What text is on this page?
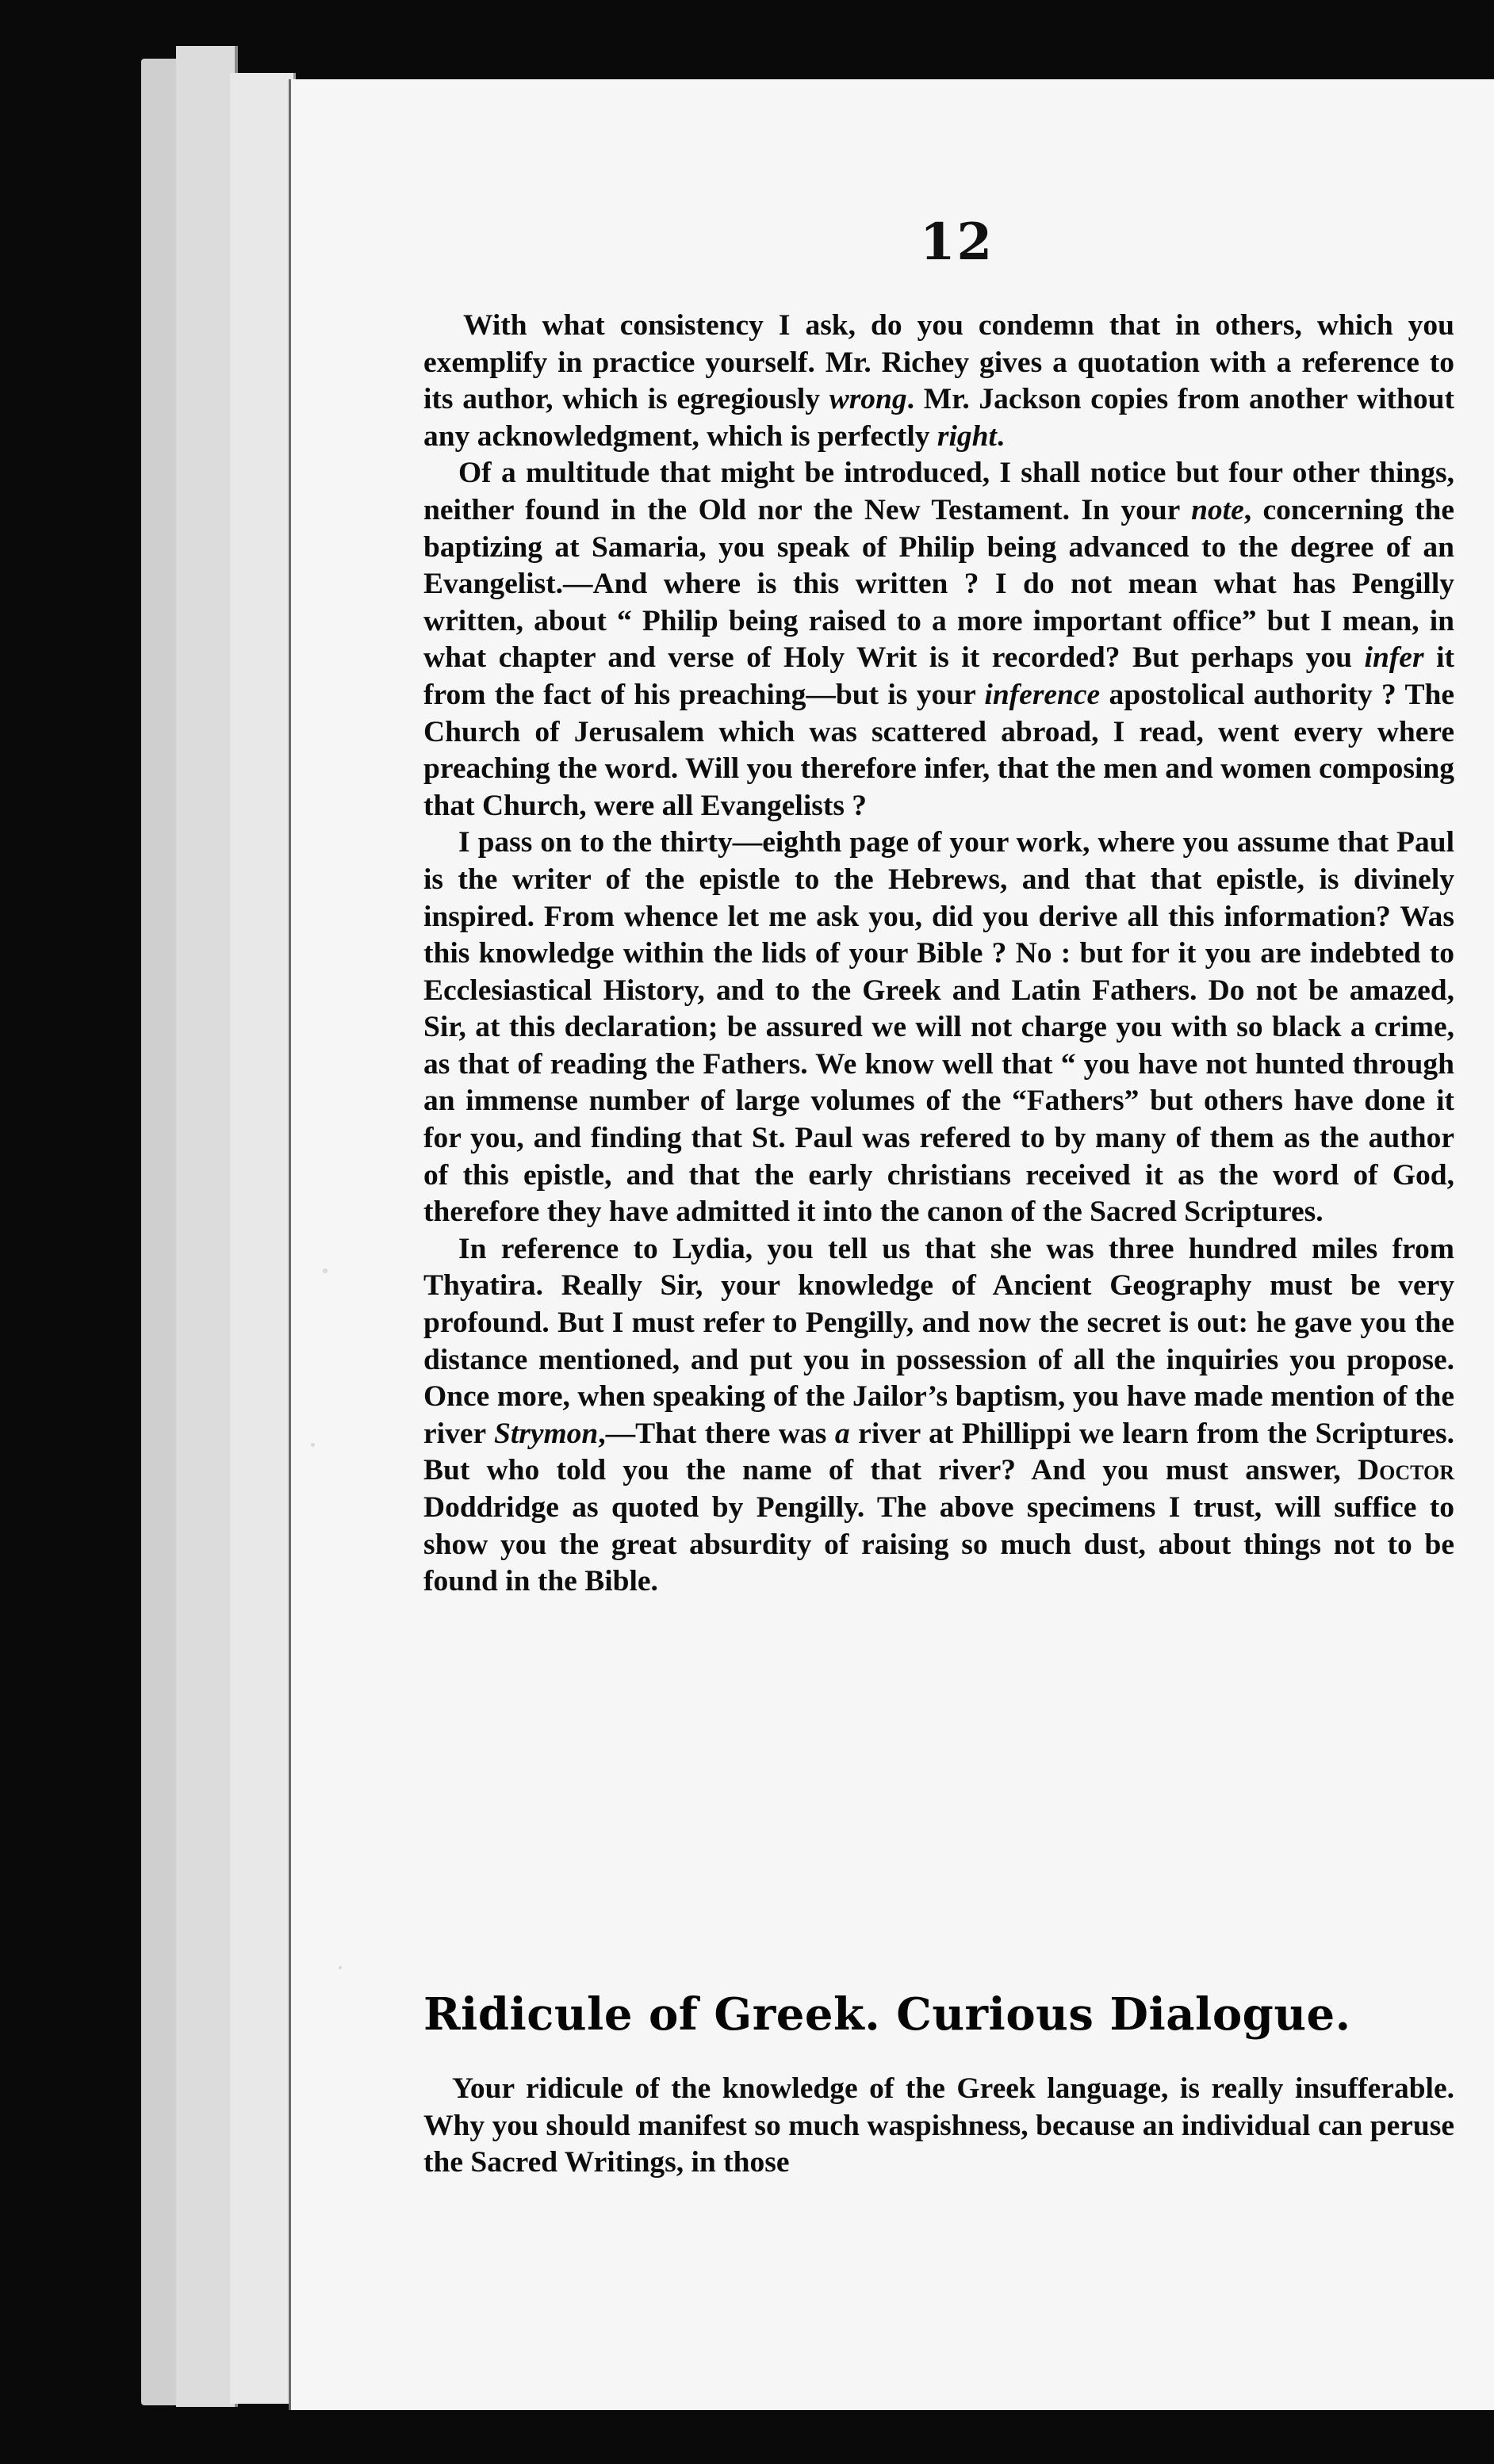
12

With what consistency I ask, do you condemn that in others, which you exemplify in practice yourself. Mr. Richey gives a quotation with a reference to its author, which is egregiously wrong. Mr. Jackson copies from another without any acknowledgment, which is perfectly right.

Of a multitude that might be introduced, I shall notice but four other things, neither found in the Old nor the New Testament. In your note, concerning the baptizing at Samaria, you speak of Philip being advanced to the degree of an Evangelist.—And where is this written ? I do not mean what has Pengilly written, about “ Philip being raised to a more important office” but I mean, in what chapter and verse of Holy Writ is it recorded? But perhaps you infer it from the fact of his preaching—but is your inference apostolical authority ? The Church of Jerusalem which was scattered abroad, I read, went every where preaching the word. Will you therefore infer, that the men and women composing that Church, were all Evangelists ?

I pass on to the thirty—eighth page of your work, where you assume that Paul is the writer of the epistle to the Hebrews, and that that epistle, is divinely inspired. From whence let me ask you, did you derive all this information? Was this knowledge within the lids of your Bible ? No : but for it you are indebted to Ecclesiastical History, and to the Greek and Latin Fathers. Do not be amazed, Sir, at this declaration; be assured we will not charge you with so black a crime, as that of reading the Fathers. We know well that “ you have not hunted through an immense number of large volumes of the “Fathers” but others have done it for you, and finding that St. Paul was refered to by many of them as the author of this epistle, and that the early christians received it as the word of God, therefore they have admitted it into the canon of the Sacred Scriptures.

In reference to Lydia, you tell us that she was three hundred miles from Thyatira. Really Sir, your knowledge of Ancient Geography must be very profound. But I must refer to Pengilly, and now the secret is out: he gave you the distance mentioned, and put you in possession of all the inquiries you propose. Once more, when speaking of the Jailor’s baptism, you have made mention of the river Strymon,—That there was a river at Phillippi we learn from the Scriptures. But who told you the name of that river? And you must answer, Doctor Doddridge as quoted by Pengilly. The above specimens I trust, will suffice to show you the great absurdity of raising so much dust, about things not to be found in the Bible.

Ridicule of Greek. Curious Dialogue.

Your ridicule of the knowledge of the Greek language, is really insufferable. Why you should manifest so much waspishness, because an individual can peruse the Sacred Writings, in those
